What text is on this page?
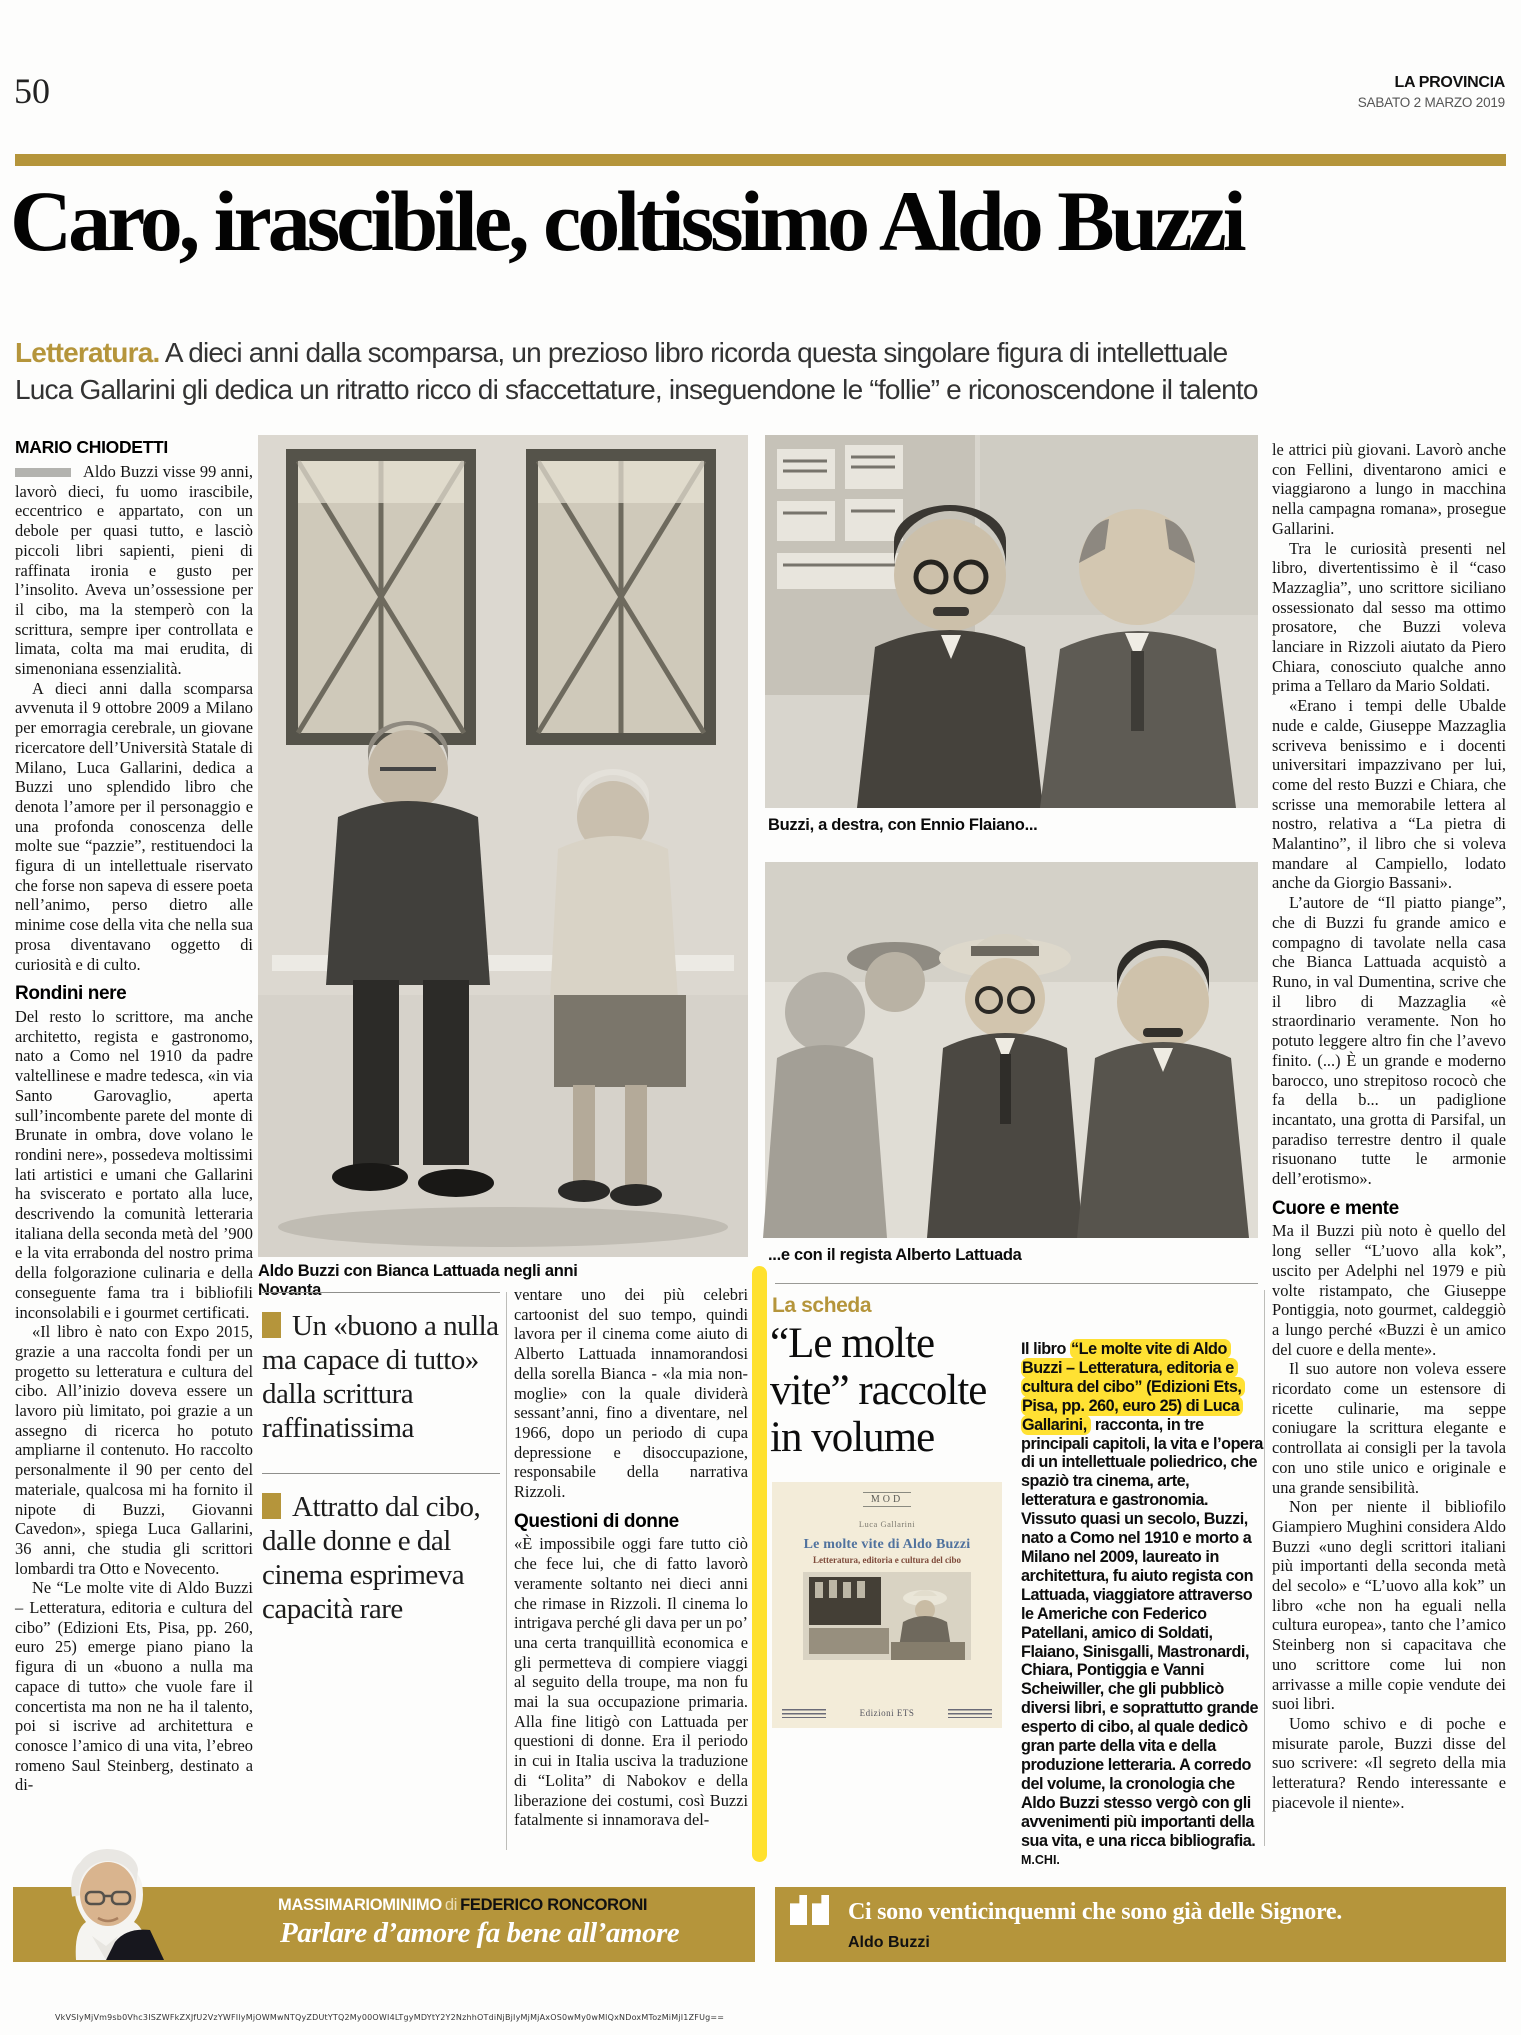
50	LA PROVINCIA
SABATO 2 MARZO 2019
Caro, irascibile, coltissimo Aldo Buzzi
Letteratura. A dieci anni dalla scomparsa, un prezioso libro ricorda questa singolare figura di intellettuale
Luca Gallarini gli dedica un ritratto ricco di sfaccettature, inseguendone le “follie” e riconoscendone il talento
MARIO CHIODETTI

Aldo Buzzi visse 99 anni, lavorò dieci, fu uomo irascibile, eccentrico e appartato, con un debole per quasi tutto, e lasciò piccoli libri sapienti, pieni di raffinata ironia e gusto per l’insolito. Aveva un’ossessione per il cibo, ma la stemperò con la scrittura, sempre iper controllata e limata, colta ma mai erudita, di simenoniana essenzialità.

A dieci anni dalla scomparsa avvenuta il 9 ottobre 2009 a Milano per emorragia cerebrale, un giovane ricercatore dell’Università Statale di Milano, Luca Gallarini, dedica a Buzzi uno splendido libro che denota l’amore per il personaggio e una profonda conoscenza delle molte sue “pazzie”, restituendoci la figura di un intellettuale riservato che forse non sapeva di essere poeta nell’animo, perso dietro alle minime cose della vita che nella sua prosa diventavano oggetto di curiosità e di culto.

Rondini nere

Del resto lo scrittore, ma anche architetto, regista e gastronomo, nato a Como nel 1910 da padre valtellinese e madre tedesca, «in via Santo Garovaglio, aperta sull’incombente parete del monte di Brunate in ombra, dove volano le rondini nere», possedeva moltissimi lati artistici e umani che Gallarini ha sviscerato e portato alla luce, descrivendo la comunità letteraria italiana della seconda metà del ’900 e la vita errabonda del nostro prima della folgorazione culinaria e della conseguente fama tra i bibliofili inconsolabili e i gourmet certificati.

«Il libro è nato con Expo 2015, grazie a una raccolta fondi per un progetto su letteratura e cultura del cibo. All’inizio doveva essere un lavoro più limitato, poi grazie a un assegno di ricerca ho potuto ampliarne il contenuto. Ho raccolto personalmente il 90 per cento del materiale, qualcosa mi ha fornito il nipote di Buzzi, Giovanni Cavedon», spiega Luca Gallarini, 36 anni, che studia gli scrittori lombardi tra Otto e Novecento.

Ne “Le molte vite di Aldo Buzzi – Letteratura, editoria e cultura del cibo” (Edizioni Ets, Pisa, pp. 260, euro 25) emerge piano piano la figura di un «buono a nulla ma capace di tutto» che vuole fare il concertista ma non ne ha il talento, poi si iscrive ad architettura e conosce l’amico di una vita, l’ebreo romeno Saul Steinberg, destinato a di-

Aldo Buzzi con Bianca Lattuada negli anni Novanta
Un «buono a nulla ma capace di tutto» dalla scrittura raffinatissima
Attratto dal cibo, dalle donne e dal cinema esprimeva capacità rare

ventare uno dei più celebri cartoonist del suo tempo, quindi lavora per il cinema come aiuto di Alberto Lattuada innamorandosi della sorella Bianca - «la mia non-moglie» con la quale dividerà sessant’anni, fino a diventare, nel 1966, dopo un periodo di cupa depressione e disoccupazione, responsabile della narrativa Rizzoli.

Questioni di donne

«È impossibile oggi fare tutto ciò che fece lui, che di fatto lavorò veramente soltanto nei dieci anni che rimase in Rizzoli. Il cinema lo intrigava perché gli dava per un po’ una certa tranquillità economica e gli permetteva di compiere viaggi al seguito della troupe, ma non fu mai la sua occupazione primaria. Alla fine litigò con Lattuada per questioni di donne. Era il periodo in cui in Italia usciva la traduzione di “Lolita” di Nabokov e della liberazione dei costumi, così Buzzi fatalmente si innamorava del-

Buzzi, a destra, con Ennio Flaiano...
...e con il regista Alberto Lattuada
La scheda
“Le molte vite” raccolte in volume
MOD
Luca Gallarini
Le molte vite di Aldo Buzzi
Letteratura, editoria e cultura del cibo
Edizioni ETS
Il libro “Le molte vite di Aldo Buzzi – Letteratura, editoria e cultura del cibo” (Edizioni Ets, Pisa, pp. 260, euro 25) di Luca Gallarini, racconta, in tre principali capitoli, la vita e l’opera di un intellettuale poliedrico, che spaziò tra cinema, arte, letteratura e gastronomia. Vissuto quasi un secolo, Buzzi, nato a Como nel 1910 e morto a Milano nel 2009, laureato in architettura, fu aiuto regista con Lattuada, viaggiatore attraverso le Americhe con Federico Patellani, amico di Soldati, Flaiano, Sinisgalli, Mastronardi, Chiara, Pontiggia e Vanni Scheiwiller, che gli pubblicò diversi libri, e soprattutto grande esperto di cibo, al quale dedicò gran parte della vita e della produzione letteraria. A corredo del volume, la cronologia che Aldo Buzzi stesso vergò con gli avvenimenti più importanti della sua vita, e una ricca bibliografia. M.CHI.

le attrici più giovani. Lavorò anche con Fellini, diventarono amici e viaggiarono a lungo in macchina nella campagna romana», prosegue Gallarini.

Tra le curiosità presenti nel libro, divertentissimo è il “caso Mazzaglia”, uno scrittore siciliano ossessionato dal sesso ma ottimo prosatore, che Buzzi voleva lanciare in Rizzoli aiutato da Piero Chiara, conosciuto qualche anno prima a Tellaro da Mario Soldati.

«Erano i tempi delle Ubalde nude e calde, Giuseppe Mazzaglia scriveva benissimo e i docenti universitari impazzivano per lui, come del resto Buzzi e Chiara, che scrisse una memorabile lettera al nostro, relativa a “La pietra di Malantino”, il libro che si voleva mandare al Campiello, lodato anche da Giorgio Bassani».

L’autore de “Il piatto piange”, che di Buzzi fu grande amico e compagno di tavolate nella casa che Bianca Lattuada acquistò a Runo, in val Dumentina, scrive che il libro di Mazzaglia «è straordinario veramente. Non ho potuto leggere altro fin che l’avevo finito. (...) È un grande e moderno barocco, uno strepitoso rococò che fa della b... un padiglione incantato, una grotta di Parsifal, un paradiso terrestre dentro il quale risuonano tutte le armonie dell’erotismo».

Cuore e mente

Ma il Buzzi più noto è quello del long seller “L’uovo alla kok”, uscito per Adelphi nel 1979 e più volte ristampato, che Giuseppe Pontiggia, noto gourmet, caldeggiò a lungo perché «Buzzi è un amico del cuore e della mente».

Il suo autore non voleva essere ricordato come un estensore di ricette culinarie, ma seppe coniugare la scrittura elegante e controllata ai consigli per la tavola con uno stile unico e originale e una grande sensibilità.

Non per niente il bibliofilo Giampiero Mughini considera Aldo Buzzi «uno degli scrittori italiani più importanti della seconda metà del secolo» e “L’uovo alla kok” un libro «che non ha eguali nella cultura europea», tanto che l’amico Steinberg non si capacitava che uno scrittore come lui non arrivasse a mille copie vendute dei suoi libri.

Uomo schivo e di poche e misurate parole, Buzzi disse del suo scrivere: «Il segreto della mia letteratura? Rendo interessante e piacevole il niente».

MASSIMARIOMINIMO di FEDERICO RONCORONI
Parlare d’amore fa bene all’amore
Ci sono venticinquenni che sono già delle Signore.
Aldo Buzzi
VkVSIyMjVm9sb0Vhc3ISZWFkZXJfU2VzYWFIlyMjOWMwNTQyZDUtYTQ2My00OWI4LTgyMDYtY2Y2NzhhOTdiNjBjIyMjMjAxOS0wMy0wMlQxNDoxMTozMiMjI1ZFUg==
